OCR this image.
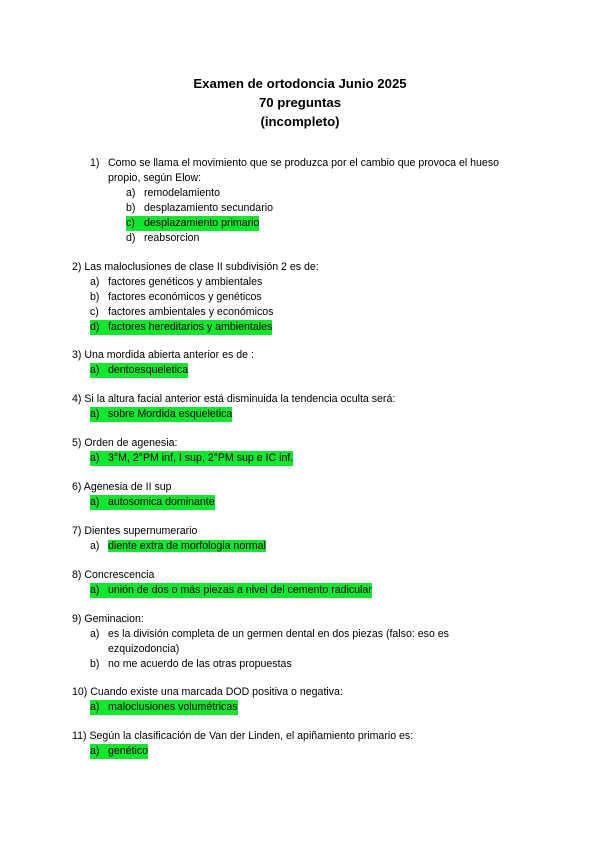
Examen de ortodoncia Junio 2025
70 preguntas
(incompleto)
1) Como se llama el movimiento que se produzca por el cambio que provoca el hueso
propio, según Elow:
a) remodelamiento
b) desplazamiento secundario
c) desplazamiento primario
d) reabsorcion
2) Las maloclusiones de clase II subdivisión 2 es de:
a) factores genéticos y ambientales
b) factores económicos y genéticos
c) factores ambientales y económicos
d) factores hereditarios y ambientales
3) Una mordida abierta anterior es de :
a) dentoesqueletica
4) Si la altura facial anterior está disminuida la tendencia oculta será:
a) sobre Mordida esqueletica
5) Orden de agenesia:
a) 3°M, 2°PM inf, I sup, 2°PM sup e IC inf.
6) Agenesia de II sup
a) autosomica dominante
7) Dientes supernumerario
a) diente extra de morfologia normal
8) Concrescencia
a) unión de dos o más piezas a nivel del cemento radicular
9) Geminacion:
a) es la división completa de un germen dental en dos piezas (falso: eso es
ezquizodoncia)
b) no me acuerdo de las otras propuestas
10) Cuando existe una marcada DOD positiva o negativa:
a) maloclusiones volumétricas
11) Según la clasificación de Van der Linden, el apiñamiento primario es:
a) genético
